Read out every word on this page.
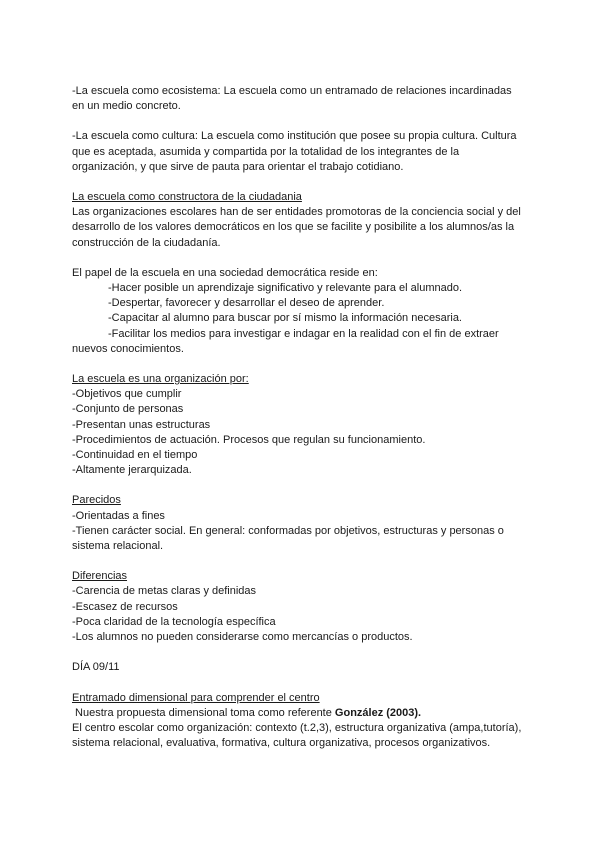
-La escuela como ecosistema: La escuela como un entramado de relaciones incardinadas
en un medio concreto.
-La escuela como cultura: La escuela como institución que posee su propia cultura. Cultura
que es aceptada, asumida y compartida por la totalidad de los integrantes de la
organización, y que sirve de pauta para orientar el trabajo cotidiano.
La escuela como constructora de la ciudadania
Las organizaciones escolares han de ser entidades promotoras de la conciencia social y del
desarrollo de los valores democráticos en los que se facilite y posibilite a los alumnos/as la
construcción de la ciudadanía.
El papel de la escuela en una sociedad democrática reside en:
-Hacer posible un aprendizaje significativo y relevante para el alumnado.
-Despertar, favorecer y desarrollar el deseo de aprender.
-Capacitar al alumno para buscar por sí mismo la información necesaria.
-Facilitar los medios para investigar e indagar en la realidad con el fin de extraer
nuevos conocimientos.
La escuela es una organización por:
-Objetivos que cumplir
-Conjunto de personas
-Presentan unas estructuras
-Procedimientos de actuación. Procesos que regulan su funcionamiento.
-Continuidad en el tiempo
-Altamente jerarquizada.
Parecidos
-Orientadas a fines
-Tienen carácter social. En general: conformadas por objetivos, estructuras y personas o
sistema relacional.
Diferencias
-Carencia de metas claras y definidas
-Escasez de recursos
-Poca claridad de la tecnología específica
-Los alumnos no pueden considerarse como mercancías o productos.
DÍA 09/11
Entramado dimensional para comprender el centro
Nuestra propuesta dimensional toma como referente González (2003).
El centro escolar como organización: contexto (t.2,3), estructura organizativa (ampa,tutoría),
sistema relacional, evaluativa, formativa, cultura organizativa, procesos organizativos.
